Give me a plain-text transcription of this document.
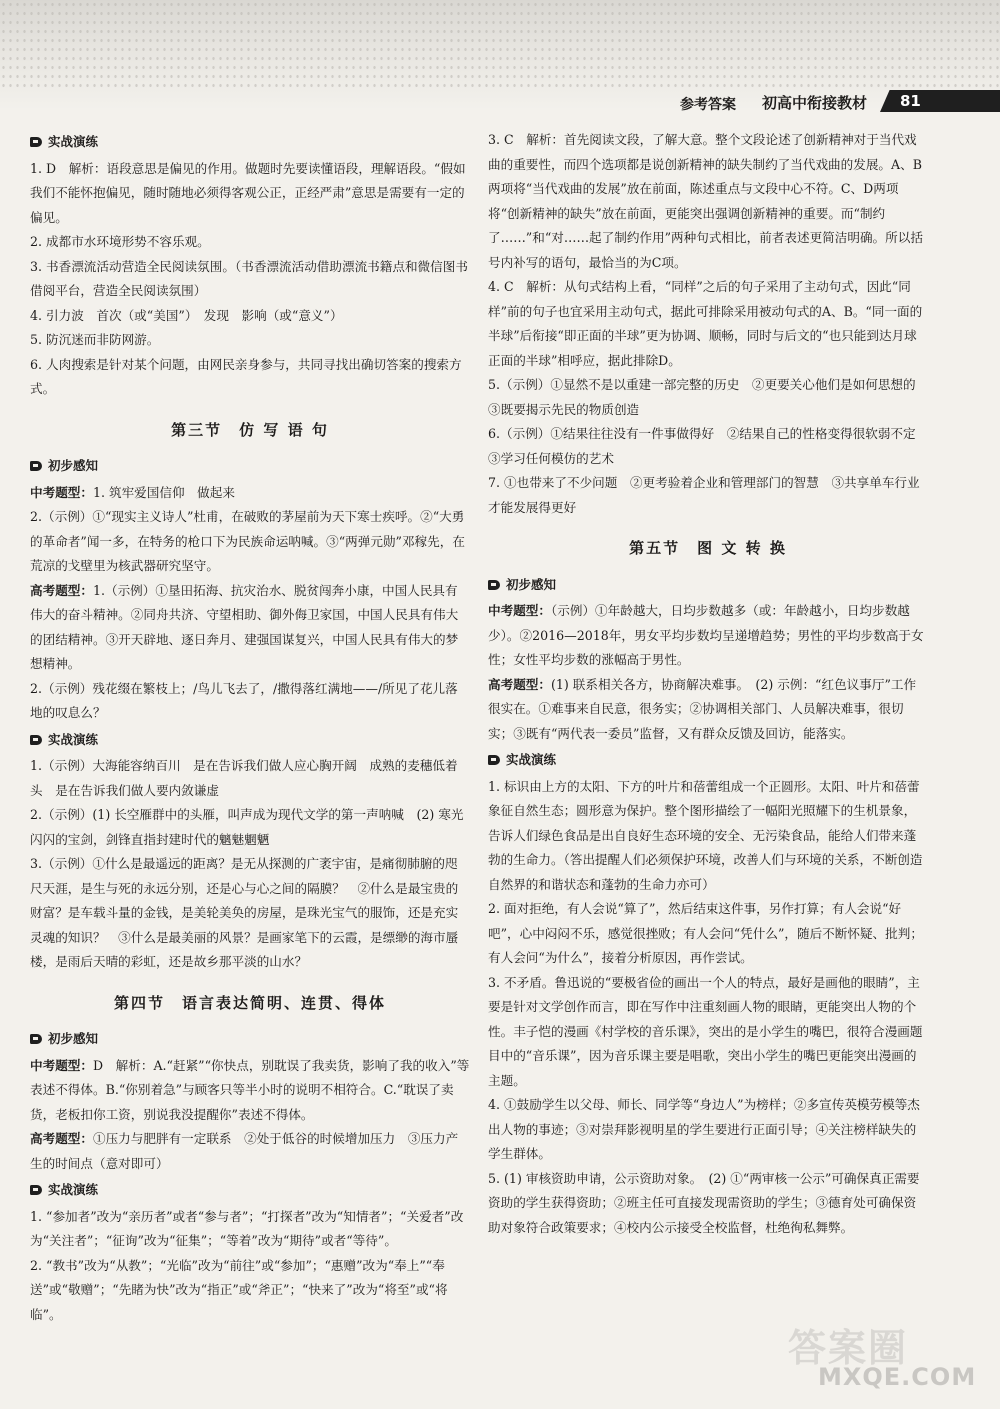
参考答案 初高中衔接教材 81
实战演练
1. D　解析：语段意思是偏见的作用。做题时先要读懂语段，理解语段。“假如我们不能怀抱偏见，随时随地必须得客观公正，正经严肃”意思是需要有一定的偏见。
2. 成都市水环境形势不容乐观。
3. 书香漂流活动营造全民阅读氛围。（书香漂流活动借助漂流书籍点和微信图书借阅平台，营造全民阅读氛围）
4. 引力波　首次（或“美国”）　发现　影响（或“意义”）
5. 防沉迷而非防网游。
6. 人肉搜索是针对某个问题，由网民亲身参与，共同寻找出确切答案的搜索方式。
第三节　仿 写 语 句
初步感知
中考题型：1. 筑牢爱国信仰　做起来
2.（示例）①“现实主义诗人”杜甫，在破败的茅屋前为天下寒士疾呼。②“大勇的革命者”闻一多，在特务的枪口下为民族命运呐喊。③“两弹元勋”邓稼先，在荒凉的戈壁里为核武器研究坚守。
高考题型：1.（示例）①垦田拓海、抗灾治水、脱贫闯奔小康，中国人民具有伟大的奋斗精神。②同舟共济、守望相助、御外侮卫家国，中国人民具有伟大的团结精神。③开天辟地、逐日奔月、建强国谋复兴，中国人民具有伟大的梦想精神。
2.（示例）残花缀在繁枝上；/鸟儿飞去了，/撒得落红满地——/所见了花儿落地的叹息么？
实战演练
1.（示例）大海能容纳百川　是在告诉我们做人应心胸开阔　成熟的麦穗低着头　是在告诉我们做人要内敛谦虚
2.（示例）(1) 长空雁群中的头雁，叫声成为现代文学的第一声呐喊　(2) 寒光闪闪的宝剑，剑锋直指封建时代的魑魅魍魉
3.（示例）①什么是最遥远的距离？是无从探测的广袤宇宙，是痛彻肺腑的咫尺天涯，是生与死的永远分别，还是心与心之间的隔膜？　②什么是最宝贵的财富？是车载斗量的金钱，是美轮美奂的房屋，是珠光宝气的服饰，还是充实灵魂的知识？　③什么是最美丽的风景？是画家笔下的云霞，是缥缈的海市蜃楼，是雨后天晴的彩虹，还是故乡那平淡的山水？
第四节　语言表达简明、连贯、得体
初步感知
中考题型：D　解析：A.“赶紧”“你快点，别耽误了我卖货，影响了我的收入”等表述不得体。B.“你别着急”与顾客只等半小时的说明不相符合。C.“耽误了卖货，老板扣你工资，别说我没提醒你”表述不得体。
高考题型：①压力与肥胖有一定联系　②处于低谷的时候增加压力　③压力产生的时间点（意对即可）
实战演练
1. “参加者”改为“亲历者”或者“参与者”；“打探者”改为“知情者”；“关爱者”改为“关注者”；“征询”改为“征集”；“等着”改为“期待”或者“等待”。
2. “教书”改为“从教”；“光临”改为“前往”或“参加”；“惠赠”改为“奉上”“奉送”或“敬赠”；“先睹为快”改为“指正”或“斧正”；“快来了”改为“将至”或“将临”。
3. C　解析：首先阅读文段，了解大意。整个文段论述了创新精神对于当代戏曲的重要性，而四个选项都是说创新精神的缺失制约了当代戏曲的发展。A、B两项将“当代戏曲的发展”放在前面，陈述重点与文段中心不符。C、D两项将“创新精神的缺失”放在前面，更能突出强调创新精神的重要。而“制约了……”和“对……起了制约作用”两种句式相比，前者表述更简洁明确。所以括号内补写的语句，最恰当的为C项。
4. C　解析：从句式结构上看，“同样”之后的句子采用了主动句式，因此“同样”前的句子也宜采用主动句式，据此可排除采用被动句式的A、B。“同一面的半球”后衔接“即正面的半球”更为协调、顺畅，同时与后文的“也只能到达月球正面的半球”相呼应，据此排除D。
5.（示例）①显然不是以重建一部完整的历史　②更要关心他们是如何思想的　③既要揭示先民的物质创造
6.（示例）①结果往往没有一件事做得好　②结果自己的性格变得很软弱不定　③学习任何模仿的艺术
7. ①也带来了不少问题　②更考验着企业和管理部门的智慧　③共享单车行业才能发展得更好
第五节　图 文 转 换
初步感知
中考题型：（示例）①年龄越大，日均步数越多（或：年龄越小，日均步数越少）。②2016—2018年，男女平均步数均呈递增趋势；男性的平均步数高于女性；女性平均步数的涨幅高于男性。
高考题型：(1) 联系相关各方，协商解决难事。　(2) 示例：“红色议事厅”工作很实在。①难事来自民意，很务实；②协调相关部门、人员解决难事，很切实；③既有“两代表一委员”监督，又有群众反馈及回访，能落实。
实战演练
1. 标识由上方的太阳、下方的叶片和蓓蕾组成一个正圆形。太阳、叶片和蓓蕾象征自然生态；圆形意为保护。整个图形描绘了一幅阳光照耀下的生机景象，告诉人们绿色食品是出自良好生态环境的安全、无污染食品，能给人们带来蓬勃的生命力。（答出提醒人们必须保护环境，改善人们与环境的关系，不断创造自然界的和谐状态和蓬勃的生命力亦可）
2. 面对拒绝，有人会说“算了”，然后结束这件事，另作打算；有人会说“好吧”，心中闷闷不乐，感觉很挫败；有人会问“凭什么”，随后不断怀疑、批判；有人会问“为什么”，接着分析原因，再作尝试。
3. 不矛盾。鲁迅说的“要极省俭的画出一个人的特点，最好是画他的眼睛”，主要是针对文学创作而言，即在写作中注重刻画人物的眼睛，更能突出人物的个性。丰子恺的漫画《村学校的音乐课》，突出的是小学生的嘴巴，很符合漫画题目中的“音乐课”，因为音乐课主要是唱歌，突出小学生的嘴巴更能突出漫画的主题。
4. ①鼓励学生以父母、师长、同学等“身边人”为榜样；②多宣传英模劳模等杰出人物的事迹；③对崇拜影视明星的学生要进行正面引导；④关注榜样缺失的学生群体。
5. (1) 审核资助申请，公示资助对象。　(2) ①“两审核一公示”可确保真正需要资助的学生获得资助；②班主任可直接发现需资助的学生；③德育处可确保资助对象符合政策要求；④校内公示接受全校监督，杜绝徇私舞弊。
答案圈
MXQE.COM
